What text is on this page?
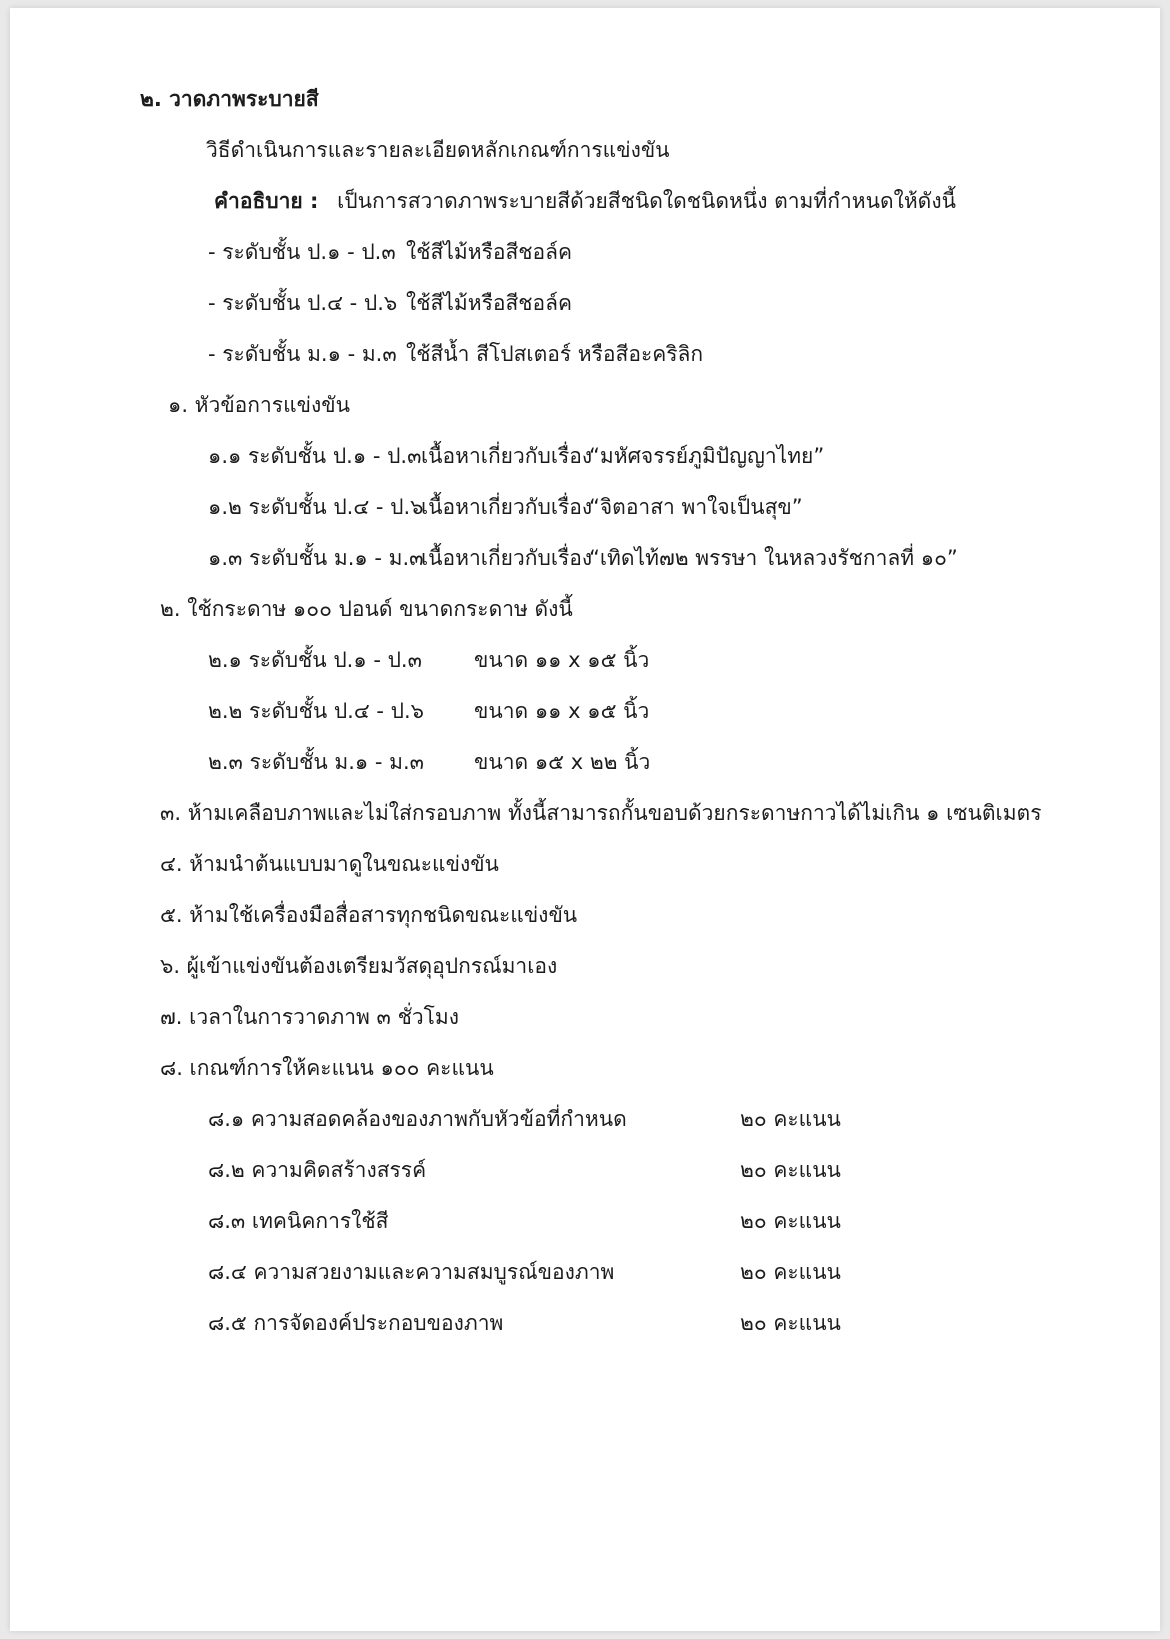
๒. วาดภาพระบายสี
วิธีดำเนินการและรายละเอียดหลักเกณฑ์การแข่งขัน
คำอธิบาย : เป็นการสวาดภาพระบายสีด้วยสีชนิดใดชนิดหนึ่ง ตามที่กำหนดให้ดังนี้
- ระดับชั้น ป.๑ - ป.๓ ใช้สีไม้หรือสีชอล์ค
- ระดับชั้น ป.๔ - ป.๖ ใช้สีไม้หรือสีชอล์ค
- ระดับชั้น ม.๑ - ม.๓ ใช้สีน้ำ สีโปสเตอร์ หรือสีอะคริลิก
๑. หัวข้อการแข่งขัน
๑.๑ ระดับชั้น ป.๑ - ป.๓ เนื้อหาเกี่ยวกับเรื่อง
“มหัศจรรย์ภูมิปัญญาไทย”
๑.๒ ระดับชั้น ป.๔ - ป.๖
เนื้อหาเกี่ยวกับเรื่อง
“จิตอาสา พาใจเป็นสุข”
๑.๓ ระดับชั้น ม.๑ - ม.๓
เนื้อหาเกี่ยวกับเรื่อง
“เทิดไท้๗๒ พรรษา ในหลวงรัชกาลที่ ๑๐”
๒. ใช้กระดาษ ๑๐๐ ปอนด์ ขนาดกระดาษ ดังนี้
๒.๑ ระดับชั้น ป.๑ - ป.๓ ขนาด ๑๑ x ๑๕ นิ้ว
๒.๒ ระดับชั้น ป.๔ - ป.๖ ขนาด ๑๑ x ๑๕ นิ้ว
๒.๓ ระดับชั้น ม.๑ - ม.๓ ขนาด ๑๕ x ๒๒ นิ้ว
๓. ห้ามเคลือบภาพและไม่ใส่กรอบภาพ ทั้งนี้สามารถกั้นขอบด้วยกระดาษกาวได้ไม่เกิน ๑ เซนติเมตร
๔. ห้ามนำต้นแบบมาดูในขณะแข่งขัน
๕. ห้ามใช้เครื่องมือสื่อสารทุกชนิดขณะแข่งขัน
๖. ผู้เข้าแข่งขันต้องเตรียมวัสดุอุปกรณ์มาเอง
๗. เวลาในการวาดภาพ ๓ ชั่วโมง
๘. เกณฑ์การให้คะแนน ๑๐๐ คะแนน
๘.๑ ความสอดคล้องของภาพกับหัวข้อที่กำหนด	๒๐ คะแนน
๘.๒ ความคิดสร้างสรรค์	๒๐ คะแนน
๘.๓ เทคนิคการใช้สี	๒๐ คะแนน
๘.๔ ความสวยงามและความสมบูรณ์ของภาพ	๒๐ คะแนน
๘.๕ การจัดองค์ประกอบของภาพ	๒๐ คะแนน
